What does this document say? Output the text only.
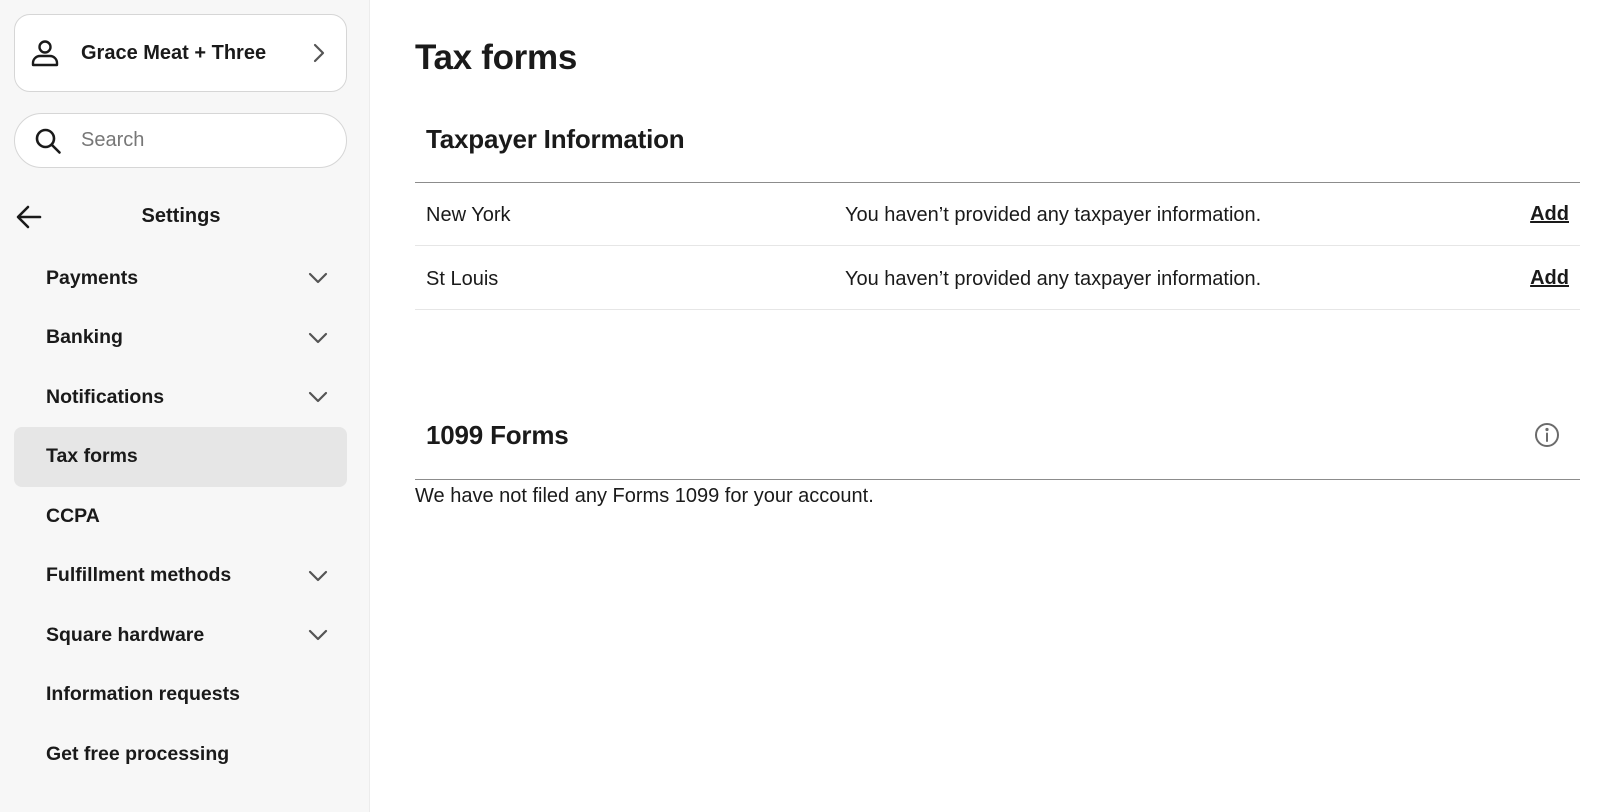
Grace Meat + Three
Search
Settings
Payments
Banking
Notifications
Tax forms
CCPA
Fulfillment methods
Square hardware
Information requests
Get free processing
Tax forms
Taxpayer Information
New York	You haven’t provided any taxpayer information.	Add
St Louis	You haven’t provided any taxpayer information.	Add
1099 Forms

We have not filed any Forms 1099 for your account.
